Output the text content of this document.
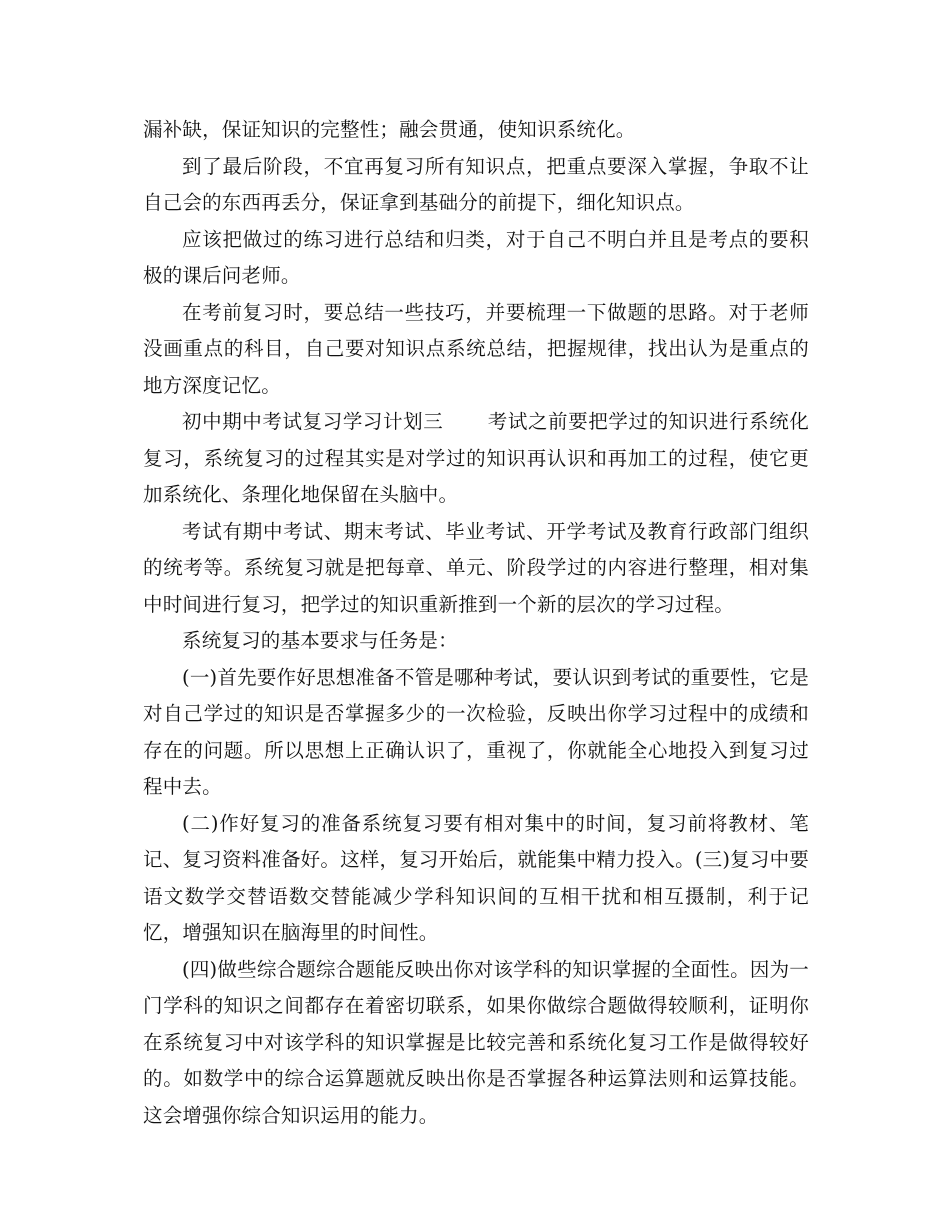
漏补缺，保证知识的完整性；融会贯通，使知识系统化。

到了最后阶段，不宜再复习所有知识点，把重点要深入掌握，争取不让自己会的东西再丢分，保证拿到基础分的前提下，细化知识点。

应该把做过的练习进行总结和归类，对于自己不明白并且是考点的要积极的课后问老师。

在考前复习时，要总结一些技巧，并要梳理一下做题的思路。对于老师没画重点的科目，自己要对知识点系统总结，把握规律，找出认为是重点的地方深度记忆。

初中期中考试复习学习计划三 考试之前要把学过的知识进行系统化复习，系统复习的过程其实是对学过的知识再认识和再加工的过程，使它更加系统化、条理化地保留在头脑中。

考试有期中考试、期末考试、毕业考试、开学考试及教育行政部门组织的统考等。系统复习就是把每章、单元、阶段学过的内容进行整理，相对集中时间进行复习，把学过的知识重新推到一个新的层次的学习过程。

系统复习的基本要求与任务是：

(一)首先要作好思想准备不管是哪种考试，要认识到考试的重要性，它是对自己学过的知识是否掌握多少的一次检验，反映出你学习过程中的成绩和存在的问题。所以思想上正确认识了，重视了，你就能全心地投入到复习过程中去。

(二)作好复习的准备系统复习要有相对集中的时间，复习前将教材、笔记、复习资料准备好。这样，复习开始后，就能集中精力投入。(三)复习中要语文数学交替语数交替能减少学科知识间的互相干扰和相互摄制，利于记忆，增强知识在脑海里的时间性。

(四)做些综合题综合题能反映出你对该学科的知识掌握的全面性。因为一门学科的知识之间都存在着密切联系，如果你做综合题做得较顺利，证明你在系统复习中对该学科的知识掌握是比较完善和系统化复习工作是做得较好的。如数学中的综合运算题就反映出你是否掌握各种运算法则和运算技能。这会增强你综合知识运用的能力。
